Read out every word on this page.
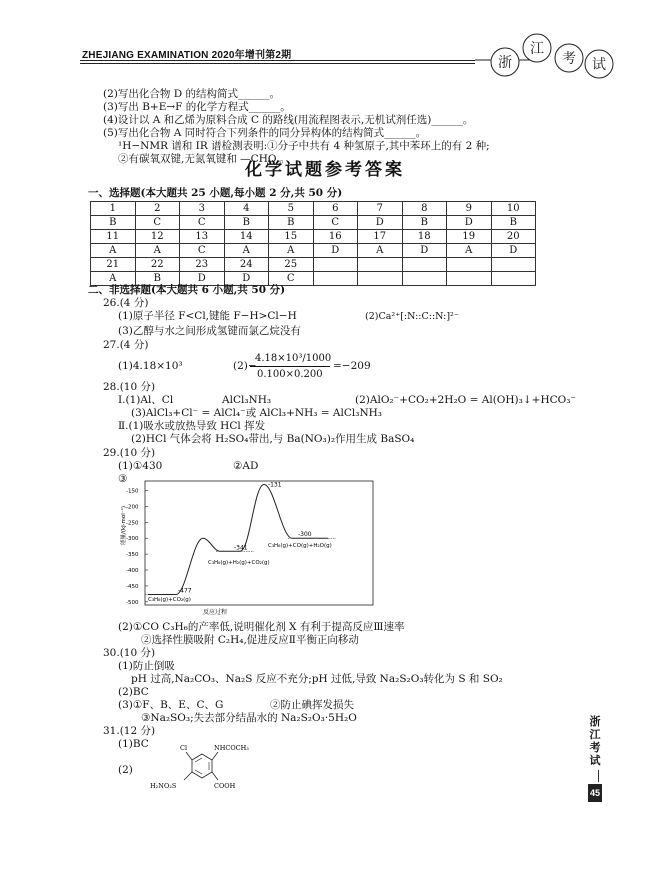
ZHEJIANG EXAMINATION 2020年增刊第2期	浙
江
考 试
(2)写出化合物 D 的结构简式______。
(3)写出 B+E→F 的化学方程式______。
(4)设计以 A 和乙烯为原料合成 C 的路线(用流程图表示,无机试剂任选)______。
(5)写出化合物 A 同时符合下列条件的同分异构体的结构简式______。
¹H−NMR 谱和 IR 谱检测表明:①分子中共有 4 种氢原子,其中苯环上的有 2 种;
②有碳氧双键,无氮氧键和 —CHO 。
化学试题参考答案
一、选择题(本大题共 25 小题,每小题 2 分,共 50 分)
1	2	3	4	5	6	7	8	9	10
B	C	C	B	B	C	D	B	D	B
11	12	13	14	15	16	17	18	19	20
A	A	C	A	A	D	A	D	A	D
21	22	23	24	25					
A	B	D	D	C					
二、非选择题(本大题共 6 小题,共 50 分)
26.(4 分)
(1)原子半径 F<Cl,键能 F−H>Cl−H	(2)Ca²⁺[:N::C::N:]²⁻
(3)乙醇与水之间形成氢键而氯乙烷没有
27.(4 分)
(1)4.18×10³	(2)−
4.18×10³/1000
0.100×0.200
=−209
28.(10 分)
Ⅰ.(1)Al、Cl	AlCl₃NH₃	(2)AlO₂⁻+CO₂+2H₂O = Al(OH)₃↓+HCO₃⁻
(3)AlCl₃+Cl⁻ = AlCl₄⁻或 AlCl₃+NH₃ = AlCl₃NH₃
Ⅱ.(1)吸水或放热导致 HCl 挥发
(2)HCl 气体会将 H₂SO₄带出,与 Ba(NO₃)₂作用生成 BaSO₄
29.(10 分)
(1)①430	②AD
③
-150
-200
-250
-300
-350
-400
-450
-500
能量/(kJ·mol⁻¹)
反应过程
-477
-341
-131
-300
C₃H₈(g)+CO₂(g)
C₃H₆(g)+H₂(g)+CO₂(g)
C₃H₆(g)+CO(g)+H₂O(g)
(2)①CO C₃H₆的产率低,说明催化剂 X 有利于提高反应Ⅲ速率
②选择性膜吸附 C₂H₄,促进反应Ⅱ平衡正向移动
30.(10 分)
(1)防止倒吸
pH 过高,Na₂CO₃、Na₂S 反应不充分;pH 过低,导致 Na₂S₂O₃转化为 S 和 SO₂
(2)BC
(3)①F、B、E、C、G	②防止碘挥发损失
③Na₂SO₃;失去部分结晶水的 Na₂S₂O₃·5H₂O
31.(12 分)
(1)BC
(2)
Cl	NHCOCH₃
H₂NO₂S	COOH
浙江考试
45
